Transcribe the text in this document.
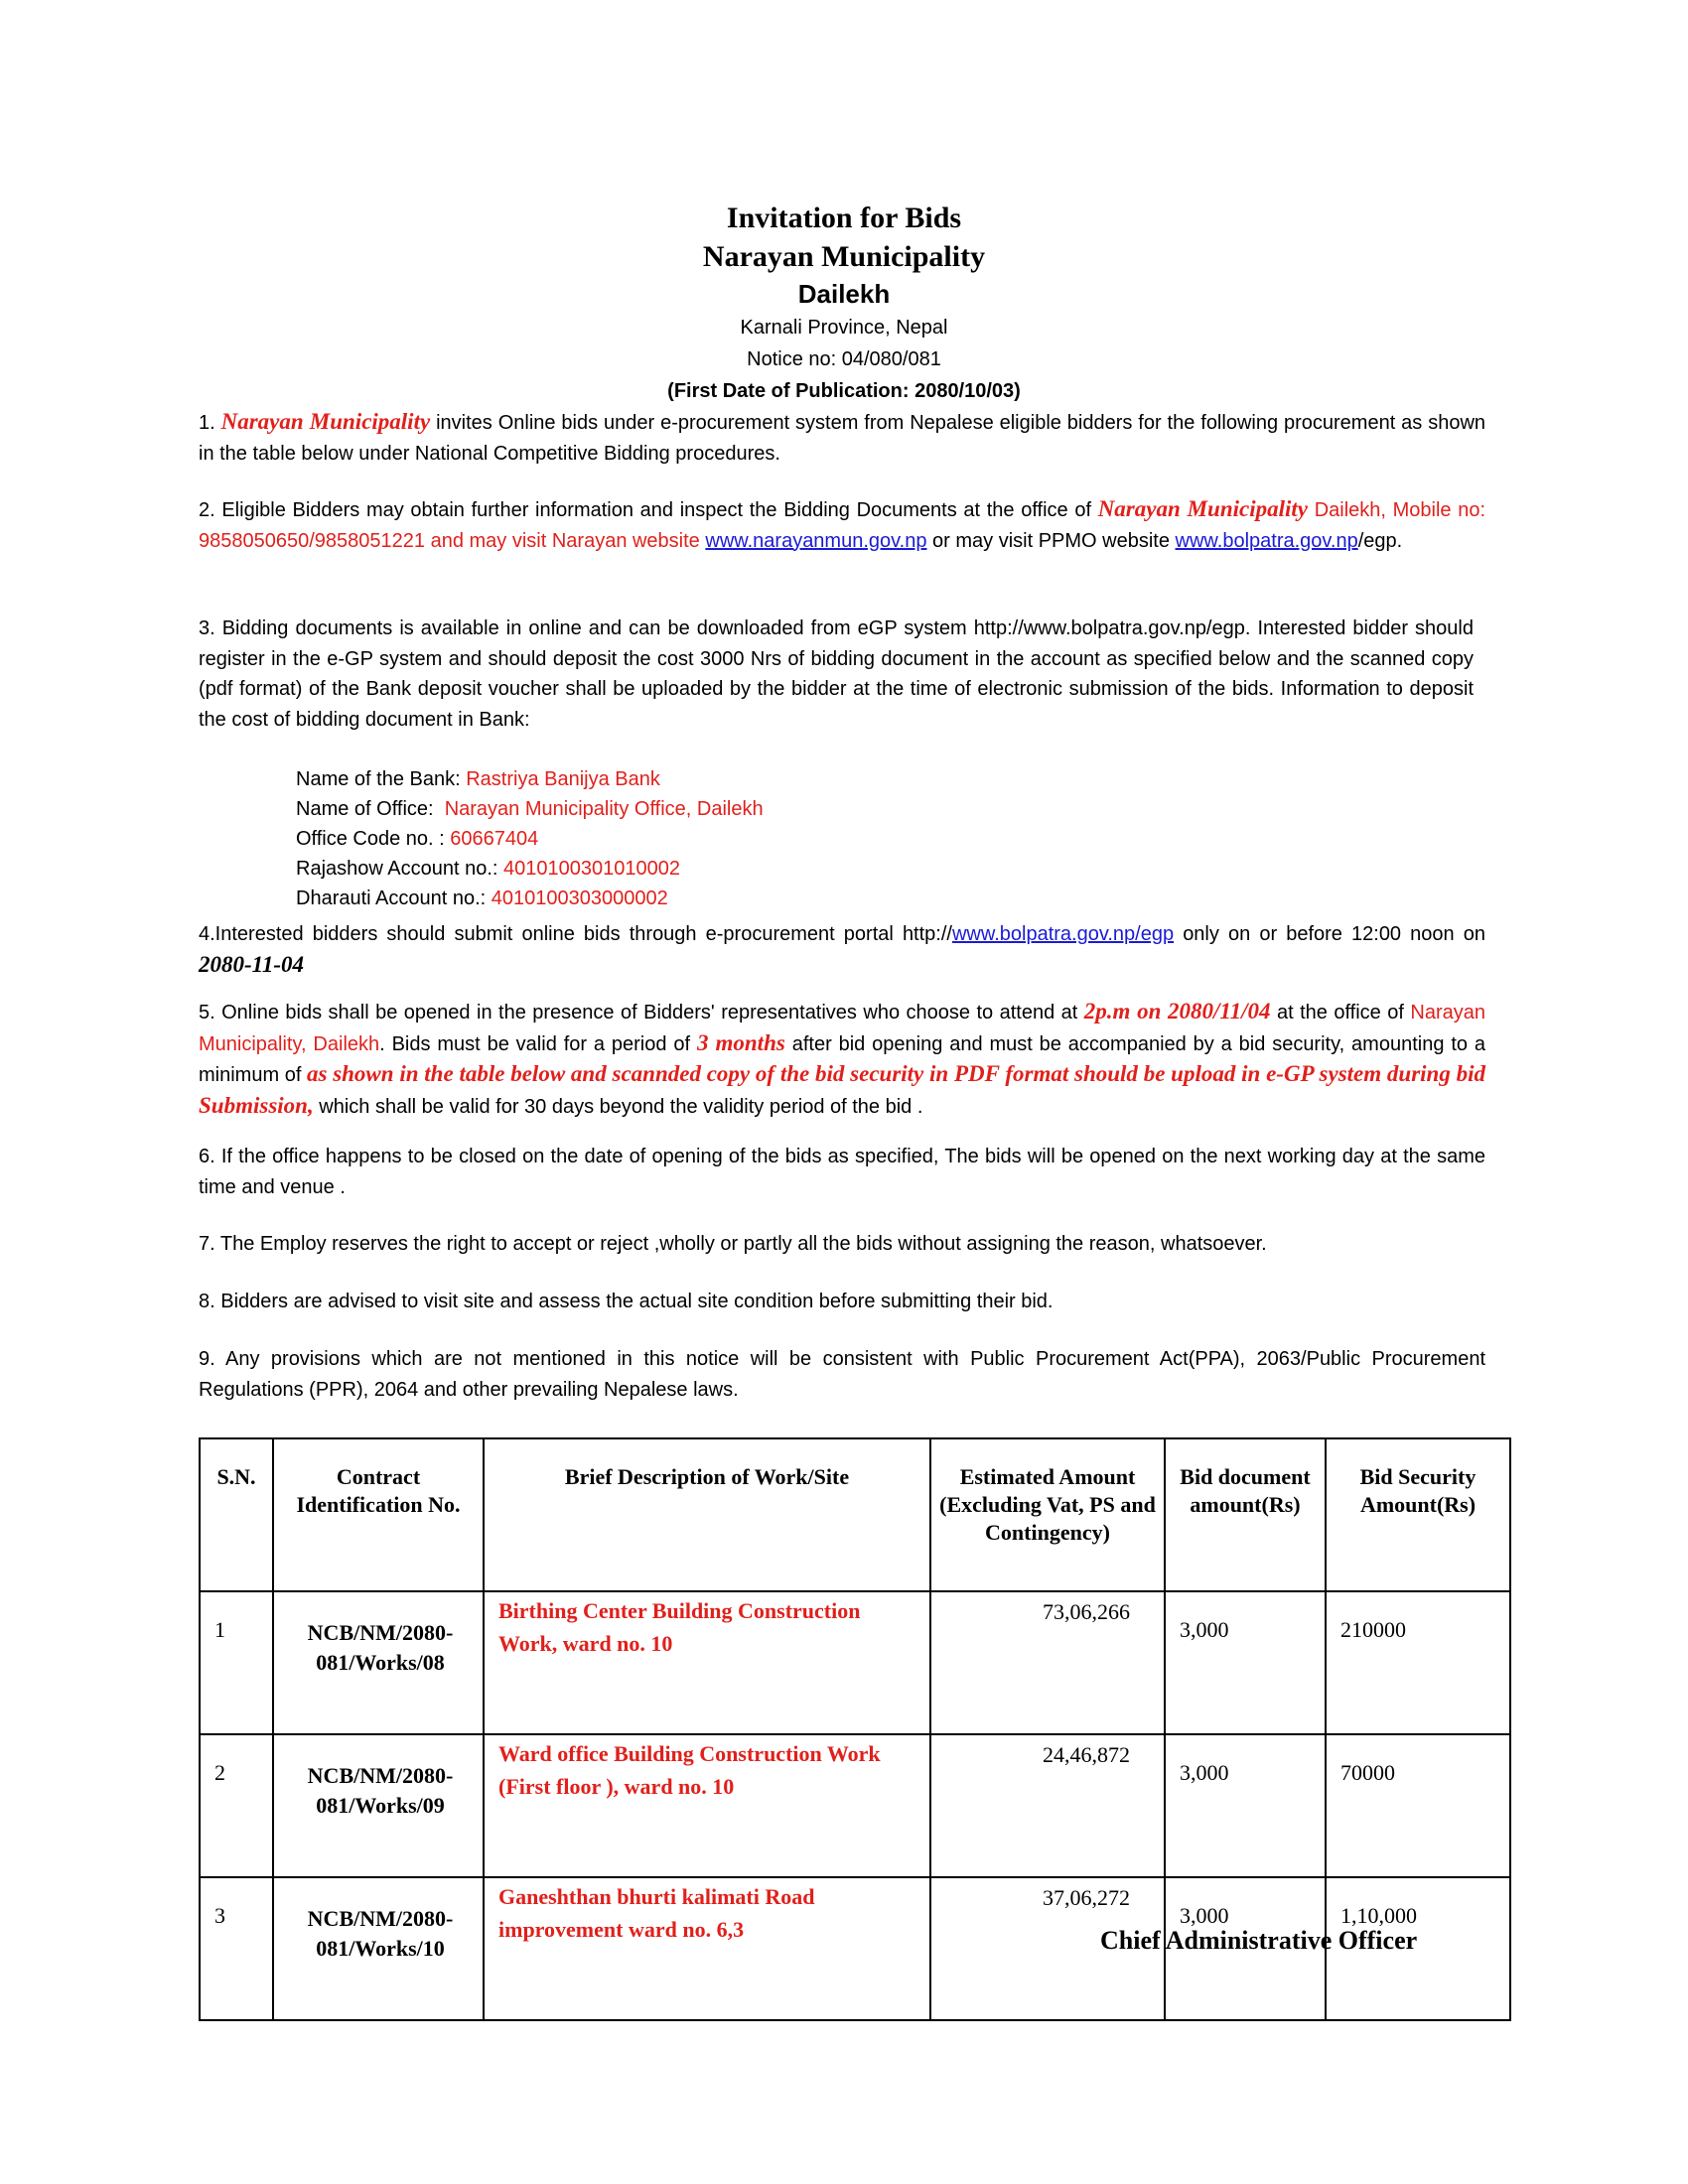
Invitation for Bids
Narayan Municipality
Dailekh
Karnali Province, Nepal
Notice no: 04/080/081
(First Date of Publication: 2080/10/03)
1. Narayan Municipality invites Online bids under e-procurement system from Nepalese eligible bidders for the following procurement as shown in the table below under National Competitive Bidding procedures.
2. Eligible Bidders may obtain further information and inspect the Bidding Documents at the office of Narayan Municipality Dailekh, Mobile no: 9858050650/9858051221 and may visit Narayan website www.narayanmun.gov.np or may visit PPMO website www.bolpatra.gov.np/egp.
3. Bidding documents is available in online and can be downloaded from eGP system http://www.bolpatra.gov.np/egp. Interested bidder should register in the e-GP system and should deposit the cost 3000 Nrs of bidding document in the account as specified below and the scanned copy (pdf format) of the Bank deposit voucher shall be uploaded by the bidder at the time of electronic submission of the bids. Information to deposit the cost of bidding document in Bank:
Name of the Bank: Rastriya Banijya Bank
Name of Office: Narayan Municipality Office, Dailekh
Office Code no. : 60667404
Rajashow Account no.: 4010100301010002
Dharauti Account no.: 4010100303000002
4.Interested bidders should submit online bids through e-procurement portal http://www.bolpatra.gov.np/egp only on or before 12:00 noon on 2080-11-04
5. Online bids shall be opened in the presence of Bidders' representatives who choose to attend at 2p.m on 2080/11/04 at the office of Narayan Municipality, Dailekh. Bids must be valid for a period of 3 months after bid opening and must be accompanied by a bid security, amounting to a minimum of as shown in the table below and scannded copy of the bid security in PDF format should be upload in e-GP system during bid Submission, which shall be valid for 30 days beyond the validity period of the bid .
6. If the office happens to be closed on the date of opening of the bids as specified, The bids will be opened on the next working day at the same time and venue .
7. The Employ reserves the right to accept or reject ,wholly or partly all the bids without assigning the reason, whatsoever.
8. Bidders are advised to visit site and assess the actual site condition before submitting their bid.
9. Any provisions which are not mentioned in this notice will be consistent with Public Procurement Act(PPA), 2063/Public Procurement Regulations (PPR), 2064 and other prevailing Nepalese laws.
S.N.	Contract Identification No.	Brief Description of Work/Site	Estimated Amount (Excluding Vat, PS and Contingency)	Bid document amount(Rs)	Bid Security Amount(Rs)
1	NCB/NM/2080-081/Works/08	Birthing Center Building Construction Work, ward no. 10	73,06,266	3,000	210000
2	NCB/NM/2080-081/Works/09	Ward office Building Construction Work (First floor ), ward no. 10	24,46,872	3,000	70000
3	NCB/NM/2080-081/Works/10	Ganeshthan bhurti kalimati Road improvement ward no. 6,3	37,06,272	3,000	1,10,000
Chief Administrative Officer
